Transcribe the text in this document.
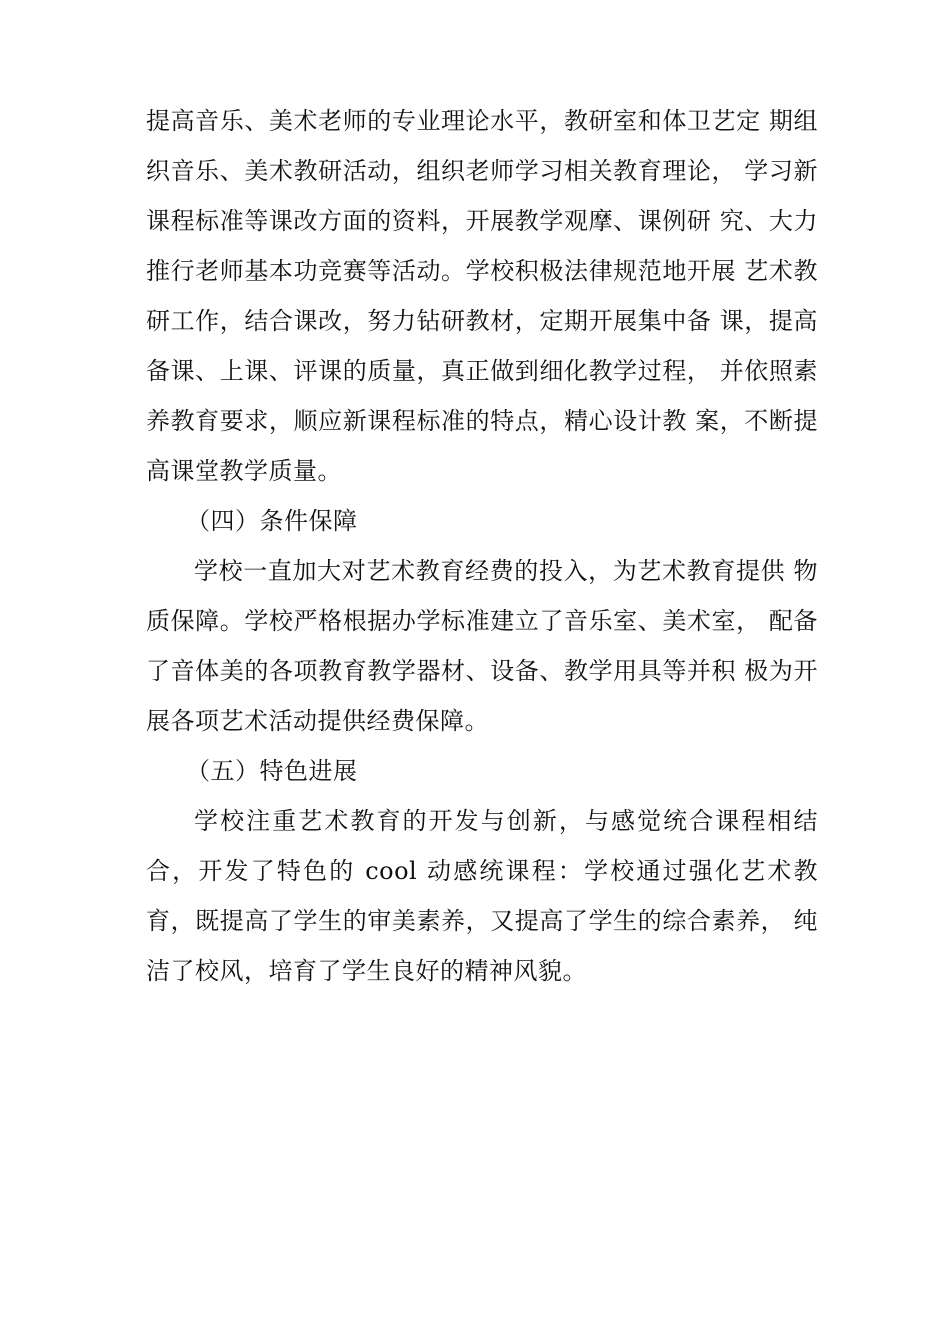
提高音乐、美术老师的专业理论水平，教研室和体卫艺定 期组
织音乐、美术教研活动，组织老师学习相关教育理论， 学习新
课程标准等课改方面的资料，开展教学观摩、课例研 究、大力
推行老师基本功竞赛等活动。学校积极法律规范地开展 艺术教
研工作，结合课改，努力钻研教材，定期开展集中备 课，提高
备课、上课、评课的质量，真正做到细化教学过程， 并依照素
养教育要求，顺应新课程标准的特点，精心设计教 案，不断提
高课堂教学质量。
（四）条件保障
学校一直加大对艺术教育经费的投入，为艺术教育提供 物
质保障。学校严格根据办学标准建立了音乐室、美术室， 配备
了音体美的各项教育教学器材、设备、教学用具等并积 极为开
展各项艺术活动提供经费保障。
（五）特色进展
学校注重艺术教育的开发与创新，与感觉统合课程相结
合，开发了特色的 cool 动感统课程：学校通过强化艺术教
育，既提高了学生的审美素养，又提高了学生的综合素养， 纯
洁了校风，培育了学生良好的精神风貌。
